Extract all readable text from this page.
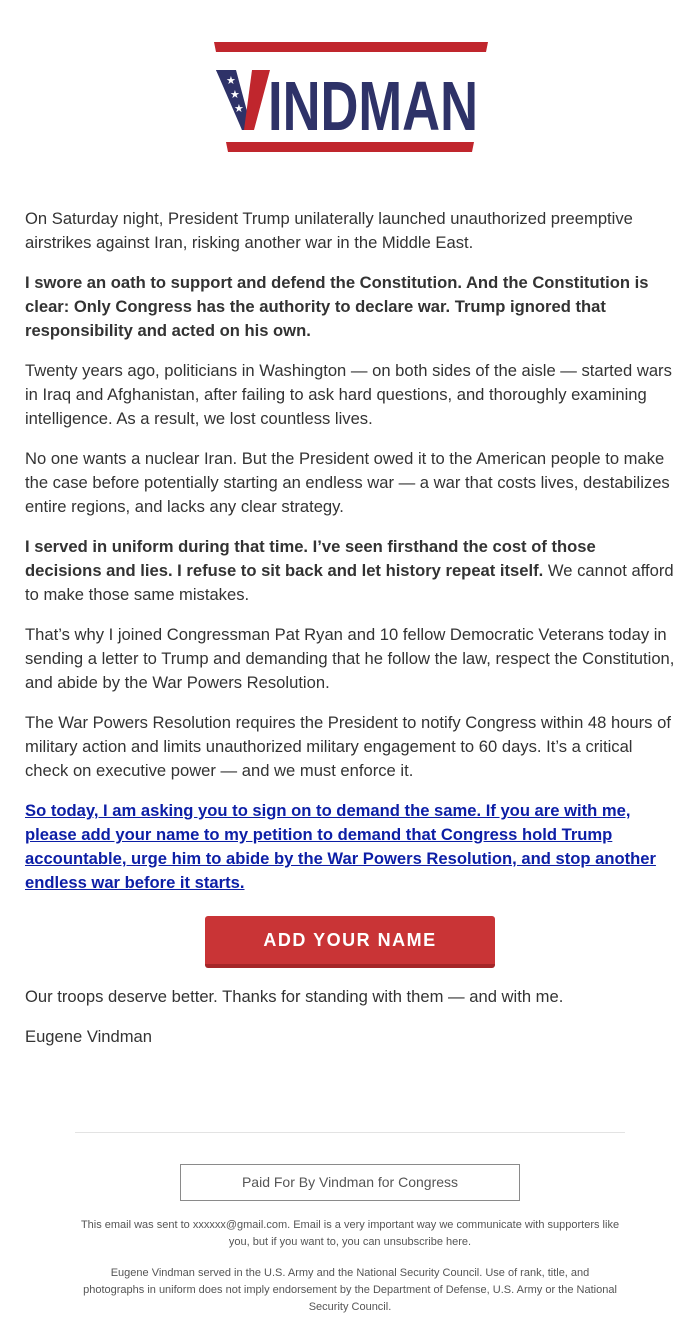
★
★
★ INDMAN

On Saturday night, President Trump unilaterally launched unauthorized preemptive airstrikes against Iran, risking another war in the Middle East.

I swore an oath to support and defend the Constitution. And the Constitution is clear: Only Congress has the authority to declare war. Trump ignored that responsibility and acted on his own.

Twenty years ago, politicians in Washington — on both sides of the aisle — started wars in Iraq and Afghanistan, after failing to ask hard questions, and thoroughly examining intelligence. As a result, we lost countless lives.

No one wants a nuclear Iran. But the President owed it to the American people to make the case before potentially starting an endless war — a war that costs lives, destabilizes entire regions, and lacks any clear strategy.

I served in uniform during that time. I’ve seen firsthand the cost of those decisions and lies. I refuse to sit back and let history repeat itself. We cannot afford to make those same mistakes.

That’s why I joined Congressman Pat Ryan and 10 fellow Democratic Veterans today in sending a letter to Trump and demanding that he follow the law, respect the Constitution, and abide by the War Powers Resolution.

The War Powers Resolution requires the President to notify Congress within 48 hours of military action and limits unauthorized military engagement to 60 days. It’s a critical check on executive power — and we must enforce it.

So today, I am asking you to sign on to demand the same. If you are with me, please add your name to my petition to demand that Congress hold Trump accountable, urge him to abide by the War Powers Resolution, and stop another endless war before it starts.

ADD YOUR NAME

Our troops deserve better. Thanks for standing with them — and with me.

Eugene Vindman

Paid For By Vindman for Congress
This email was sent to xxxxxx@gmail.com. Email is a very important way we communicate with supporters like you, but if you want to, you can unsubscribe here.
Eugene Vindman served in the U.S. Army and the National Security Council. Use of rank, title, and photographs in uniform does not imply endorsement by the Department of Defense, U.S. Army or the National Security Council.
